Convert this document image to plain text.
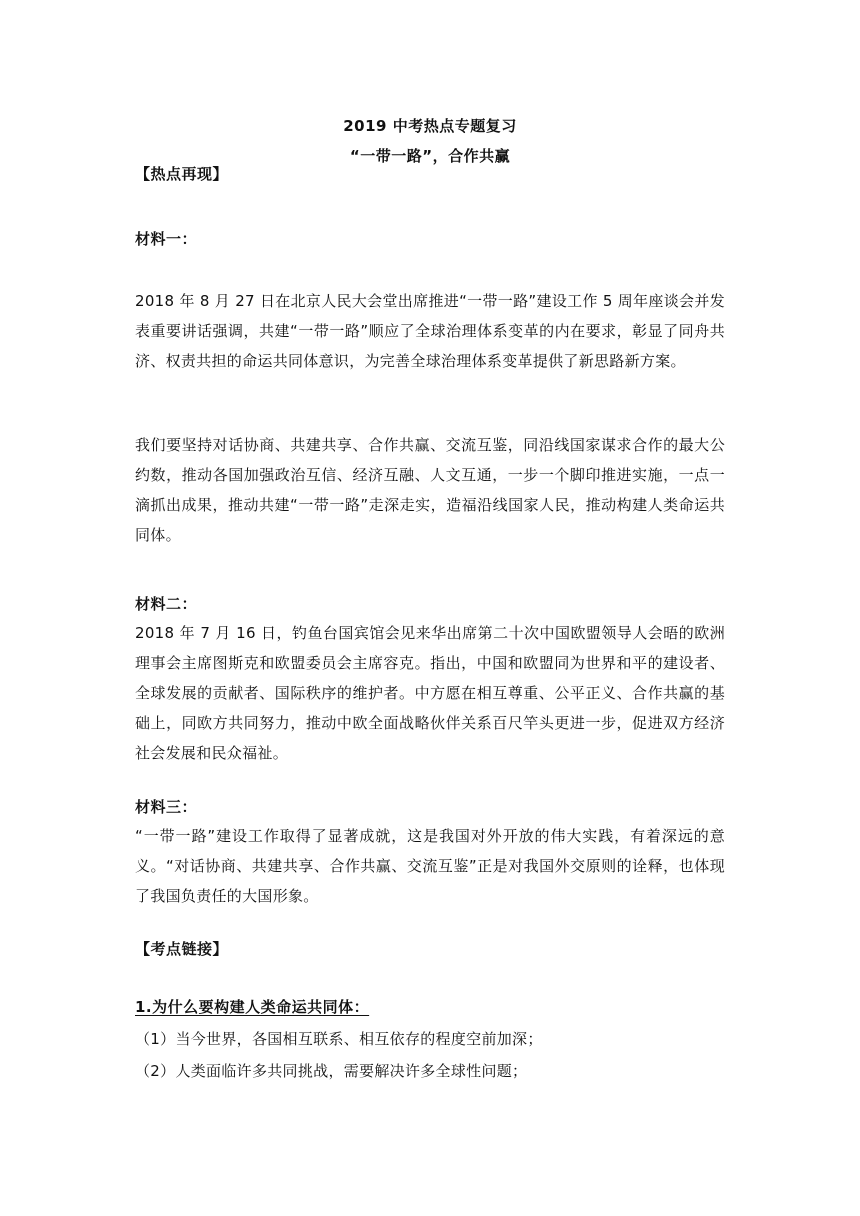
2019 中考热点专题复习
“一带一路”，合作共赢
【热点再现】
材料一：

2018 年 8 月 27 日在北京人民大会堂出席推进“一带一路”建设工作 5 周年座谈会并发表重要讲话强调，共建“一带一路”顺应了全球治理体系变革的内在要求，彰显了同舟共济、权责共担的命运共同体意识，为完善全球治理体系变革提供了新思路新方案。

我们要坚持对话协商、共建共享、合作共赢、交流互鉴，同沿线国家谋求合作的最大公约数，推动各国加强政治互信、经济互融、人文互通，一步一个脚印推进实施，一点一滴抓出成果，推动共建“一带一路”走深走实，造福沿线国家人民，推动构建人类命运共同体。

材料二：

2018 年 7 月 16 日，钓鱼台国宾馆会见来华出席第二十次中国欧盟领导人会晤的欧洲理事会主席图斯克和欧盟委员会主席容克。指出，中国和欧盟同为世界和平的建设者、全球发展的贡献者、国际秩序的维护者。中方愿在相互尊重、公平正义、合作共赢的基础上，同欧方共同努力，推动中欧全面战略伙伴关系百尺竿头更进一步，促进双方经济社会发展和民众福祉。

材料三：

“一带一路”建设工作取得了显著成就，这是我国对外开放的伟大实践，有着深远的意义。“对话协商、共建共享、合作共赢、交流互鉴”正是对我国外交原则的诠释，也体现了我国负责任的大国形象。

【考点链接】
1.为什么要构建人类命运共同体：
（1）当今世界，各国相互联系、相互依存的程度空前加深；
（2）人类面临许多共同挑战，需要解决许多全球性问题；
